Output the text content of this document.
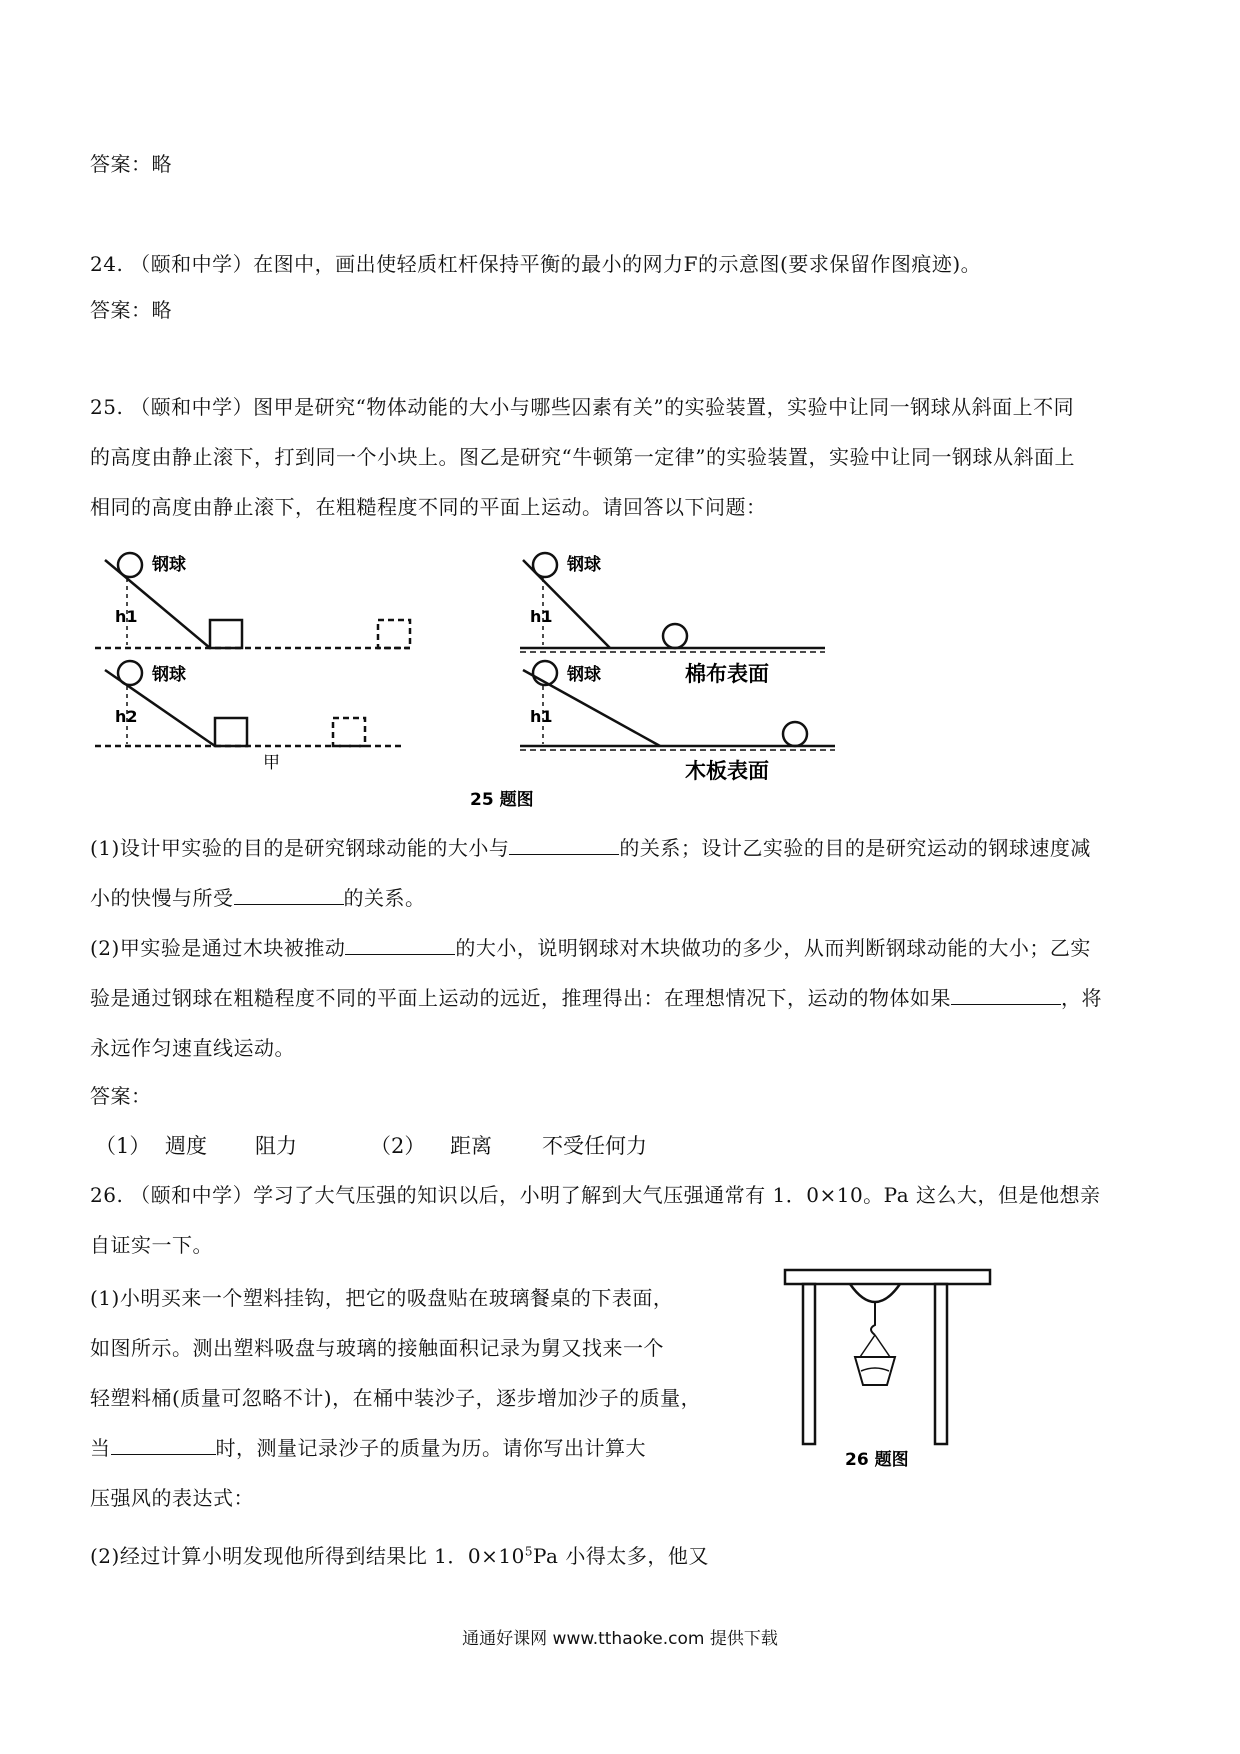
答案：略
24. （颐和中学）在图中，画出使轻质杠杆保持平衡的最小的网力F的示意图(要求保留作图痕迹)。
答案：略
25. （颐和中学）图甲是研究“物体动能的大小与哪些囚素有关”的实验装置，实验中让同一钢球从斜面上不同
的高度由静止滚下，打到同一个小块上。图乙是研究“牛顿第一定律”的实验装置，实验中让同一钢球从斜面上
相同的高度由静止滚下，在粗糙程度不同的平面上运动。请回答以下问题：
钢球
h1
钢球
h2
甲
钢球
h1
棉布表面
钢球
h1
木板表面
25 题图
(1)设计甲实验的目的是研究钢球动能的大小与	的关系；设计乙实验的目的是研究运动的钢球速度减
小的快慢与所受	的关系。
(2)甲实验是通过木块被推动	的大小，说明钢球对木块做功的多少，从而判断钢球动能的大小；乙实
验是通过钢球在粗糙程度不同的平面上运动的远近，推理得出：在理想情况下，运动的物体如果	，将
永远作匀速直线运动。
答案：
（1） 週度 阻力	（2） 距离 不受任何力
26. （颐和中学）学习了大气压强的知识以后，小明了解到大气压强通常有 1．0×10。Pa 这么大，但是他想亲
自证实一下。
(1)小明买来一个塑料挂钩，把它的吸盘贴在玻璃餐桌的下表面，
如图所示。测出塑料吸盘与玻璃的接触面积记录为舅又找来一个
轻塑料桶(质量可忽略不计)，在桶中装沙子，逐步增加沙子的质量，
当	时，测量记录沙子的质量为历。请你写出计算大
压强风的表达式：
(2)经过计算小明发现他所得到结果比 1．$0\times 10^5Pa$ 小得太多，他又
26 题图
通通好课网 www.tthaoke.com 提供下载
